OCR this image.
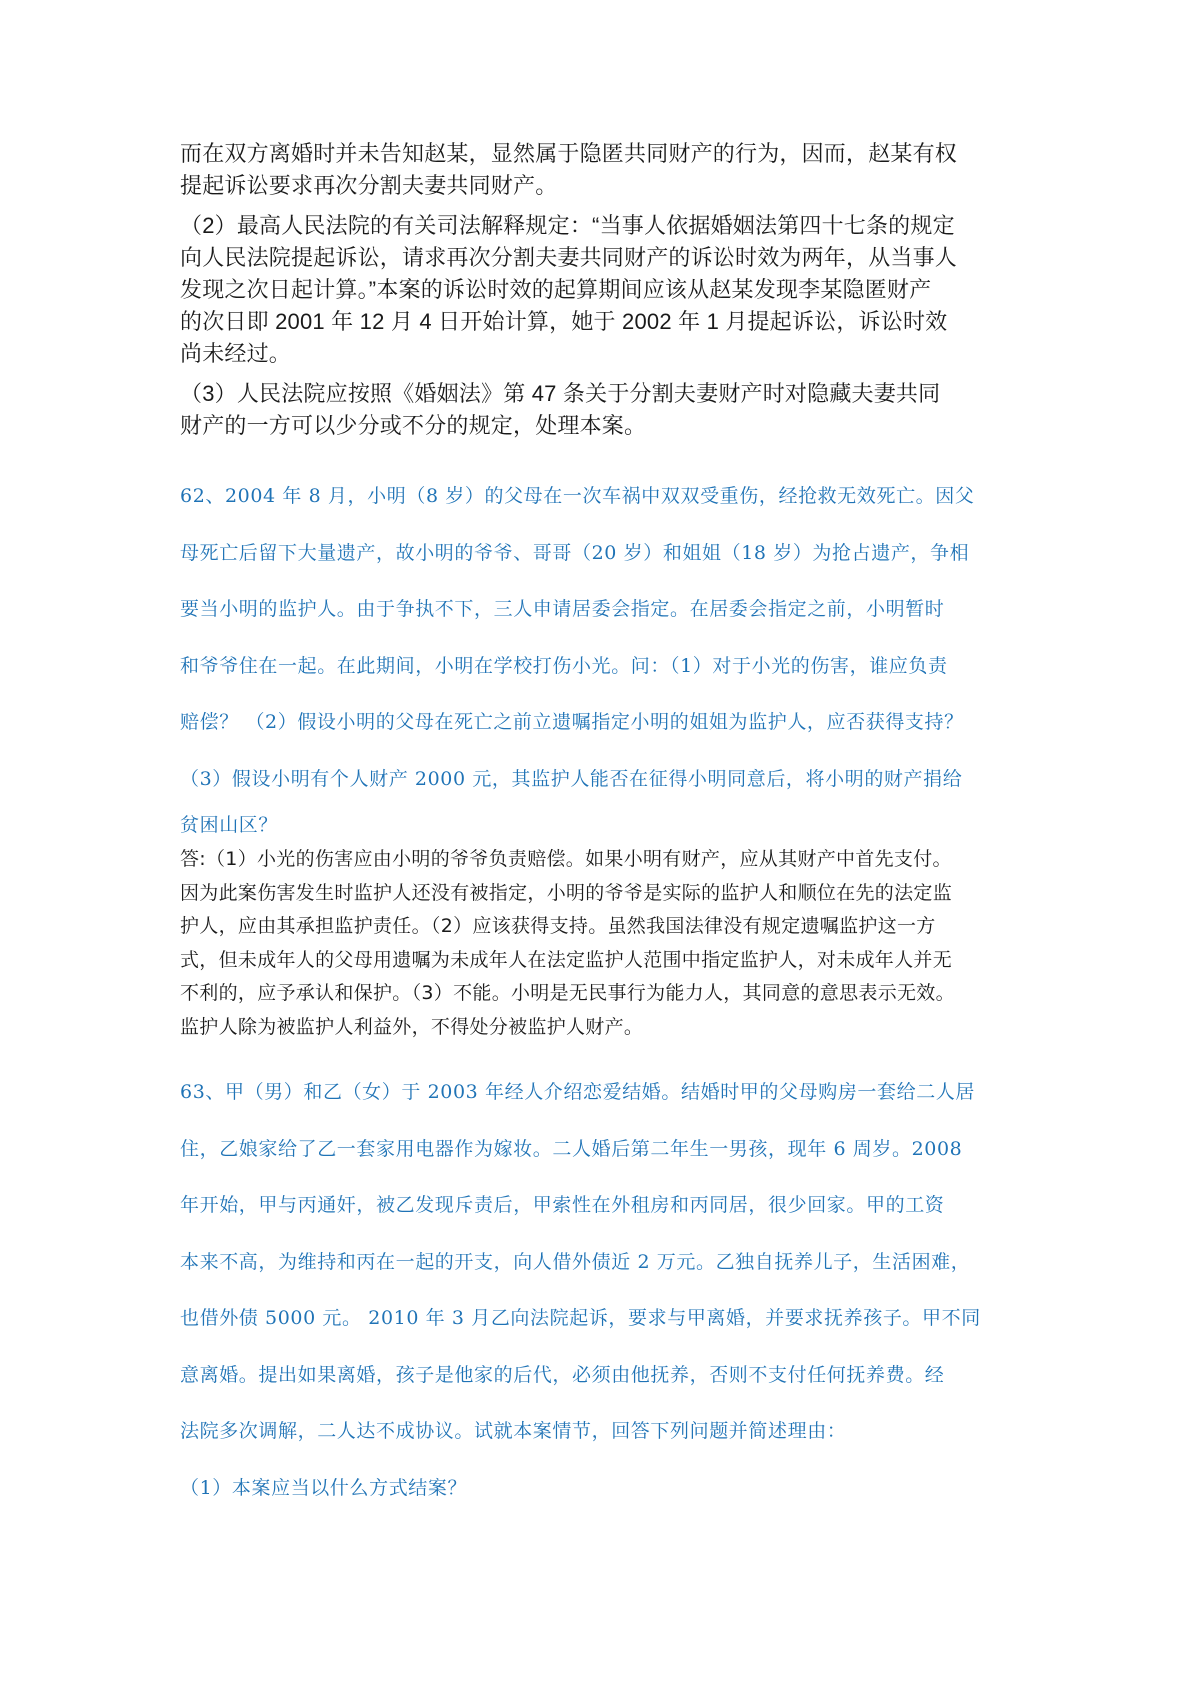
而在双方离婚时并未告知赵某，显然属于隐匿共同财产的行为，因而，赵某有权
提起诉讼要求再次分割夫妻共同财产。

（2）最高人民法院的有关司法解释规定：“当事人依据婚姻法第四十七条的规定
向人民法院提起诉讼，请求再次分割夫妻共同财产的诉讼时效为两年，从当事人
发现之次日起计算。”本案的诉讼时效的起算期间应该从赵某发现李某隐匿财产
的次日即 2001 年 12 月 4 日开始计算，她于 2002 年 1 月提起诉讼，诉讼时效
尚未经过。

（3）人民法院应按照《婚姻法》第 47 条关于分割夫妻财产时对隐藏夫妻共同
财产的一方可以少分或不分的规定，处理本案。

62、2004 年 8 月，小明（8 岁）的父母在一次车祸中双双受重伤，经抢救无效死亡。因父
母死亡后留下大量遗产，故小明的爷爷、哥哥（20 岁）和姐姐（18 岁）为抢占遗产，争相
要当小明的监护人。由于争执不下，三人申请居委会指定。在居委会指定之前，小明暂时
和爷爷住在一起。在此期间，小明在学校打伤小光。问：（1）对于小光的伤害，谁应负责
赔偿？ （2）假设小明的父母在死亡之前立遗嘱指定小明的姐姐为监护人，应否获得支持？
（3）假设小明有个人财产 2000 元，其监护人能否在征得小明同意后，将小明的财产捐给
贫困山区？

答:（1）小光的伤害应由小明的爷爷负责赔偿。如果小明有财产，应从其财产中首先支付。
因为此案伤害发生时监护人还没有被指定，小明的爷爷是实际的监护人和顺位在先的法定监
护人，应由其承担监护责任。（2）应该获得支持。虽然我国法律没有规定遗嘱监护这一方
式，但未成年人的父母用遗嘱为未成年人在法定监护人范围中指定监护人，对未成年人并无
不利的，应予承认和保护。（3）不能。小明是无民事行为能力人，其同意的意思表示无效。
监护人除为被监护人利益外，不得处分被监护人财产。

63、甲（男）和乙（女）于 2003 年经人介绍恋爱结婚。结婚时甲的父母购房一套给二人居
住，乙娘家给了乙一套家用电器作为嫁妆。二人婚后第二年生一男孩，现年 6 周岁。2008
年开始，甲与丙通奸，被乙发现斥责后，甲索性在外租房和丙同居，很少回家。甲的工资
本来不高，为维持和丙在一起的开支，向人借外债近 2 万元。乙独自抚养儿子，生活困难，
也借外债 5000 元。 2010 年 3 月乙向法院起诉，要求与甲离婚，并要求抚养孩子。甲不同
意离婚。提出如果离婚，孩子是他家的后代，必须由他抚养，否则不支付任何抚养费。经
法院多次调解，二人达不成协议。试就本案情节，回答下列问题并简述理由：
（1）本案应当以什么方式结案？
